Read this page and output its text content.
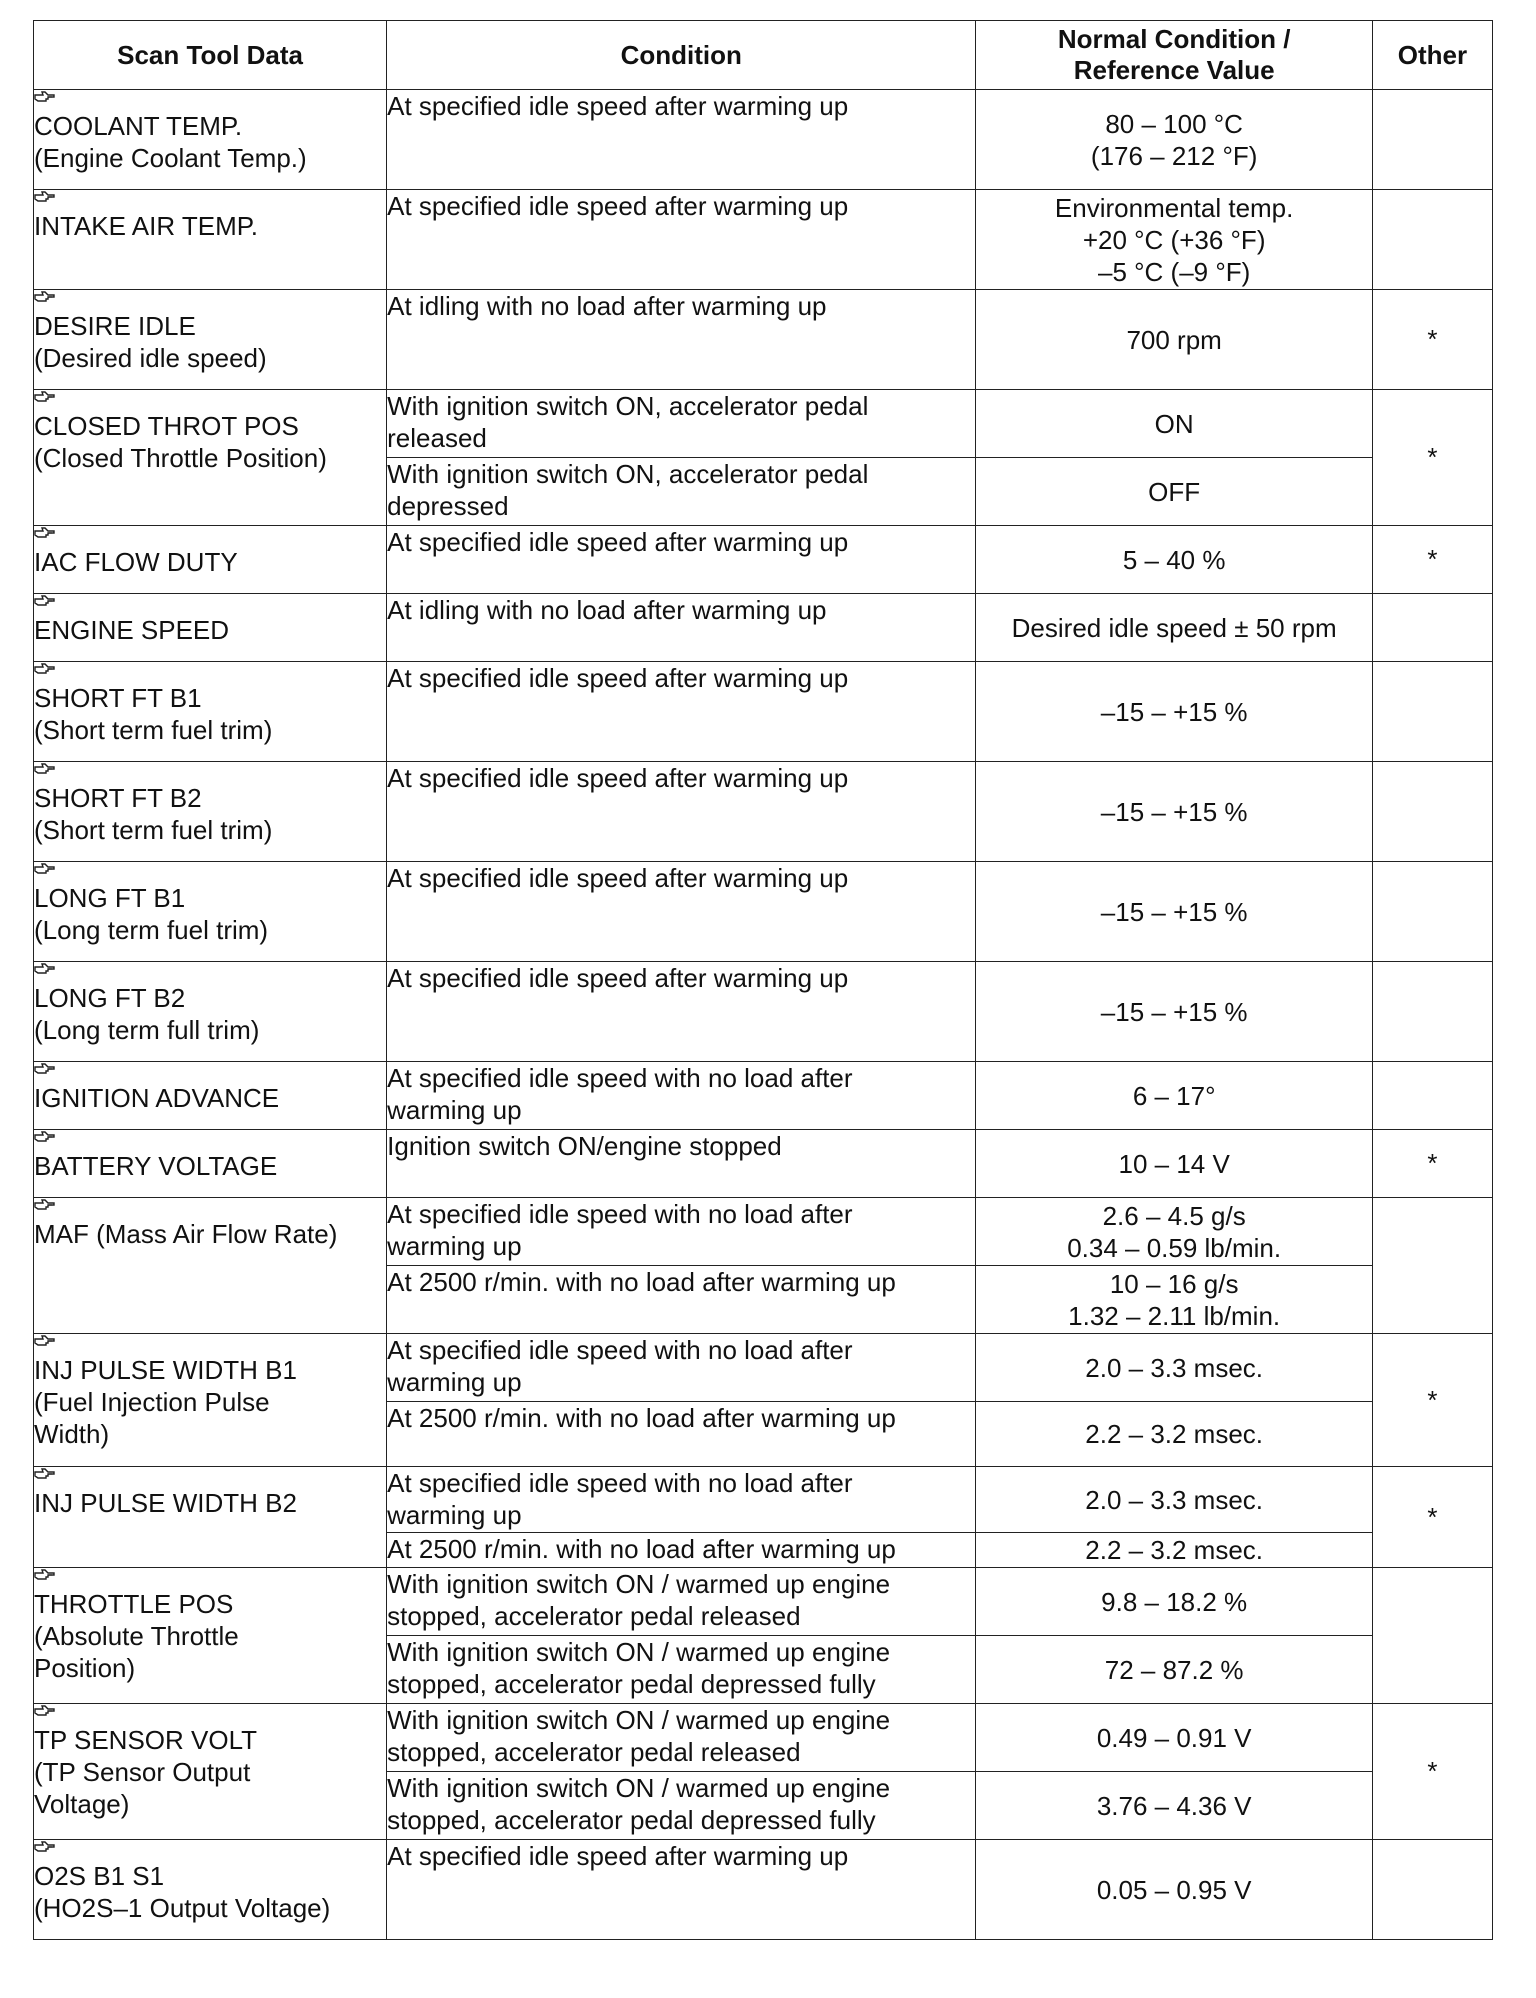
Scan Tool Data	Condition	Normal Condition /
Reference Value	Other

COOLANT TEMP.
(Engine Coolant Temp.)	At specified idle speed after warming up	80 – 100 °C
(176 – 212 °F)	

INTAKE AIR TEMP.	At specified idle speed after warming up	Environmental temp.
+20 °C (+36 °F)
–5 °C (–9 °F)	

DESIRE IDLE
(Desired idle speed)	At idling with no load after warming up	700 rpm	*

CLOSED THROT POS
(Closed Throttle Position)	With ignition switch ON, accelerator pedal
released	ON	*

	With ignition switch ON, accelerator pedal
depressed	OFF	

IAC FLOW DUTY	At specified idle speed after warming up	5 – 40 %	*

ENGINE SPEED	At idling with no load after warming up	Desired idle speed ± 50 rpm	

SHORT FT B1
(Short term fuel trim)	At specified idle speed after warming up	–15 – +15 %	

SHORT FT B2
(Short term fuel trim)	At specified idle speed after warming up	–15 – +15 %	

LONG FT B1
(Long term fuel trim)	At specified idle speed after warming up	–15 – +15 %	

LONG FT B2
(Long term full trim)	At specified idle speed after warming up	–15 – +15 %	

IGNITION ADVANCE	At specified idle speed with no load after
warming up	6 – 17°	

BATTERY VOLTAGE	Ignition switch ON/engine stopped	10 – 14 V	*

MAF (Mass Air Flow Rate)	At specified idle speed with no load after
warming up	2.6 – 4.5 g/s
0.34 – 0.59 lb/min.	

	At 2500 r/min. with no load after warming up	10 – 16 g/s
1.32 – 2.11 lb/min.	

INJ PULSE WIDTH B1
(Fuel Injection Pulse
Width)	At specified idle speed with no load after
warming up	2.0 – 3.3 msec.	*

	At 2500 r/min. with no load after warming up	2.2 – 3.2 msec.	

INJ PULSE WIDTH B2	At specified idle speed with no load after
warming up	2.0 – 3.3 msec.	*

	At 2500 r/min. with no load after warming up	2.2 – 3.2 msec.	

THROTTLE POS
(Absolute Throttle
Position)	With ignition switch ON / warmed up engine
stopped, accelerator pedal released	9.8 – 18.2 %	

	With ignition switch ON / warmed up engine
stopped, accelerator pedal depressed fully	72 – 87.2 %	

TP SENSOR VOLT
(TP Sensor Output
Voltage)	With ignition switch ON / warmed up engine
stopped, accelerator pedal released	0.49 – 0.91 V	*

	With ignition switch ON / warmed up engine
stopped, accelerator pedal depressed fully	3.76 – 4.36 V	

O2S B1 S1
(HO2S–1 Output Voltage)	At specified idle speed after warming up	0.05 – 0.95 V	
